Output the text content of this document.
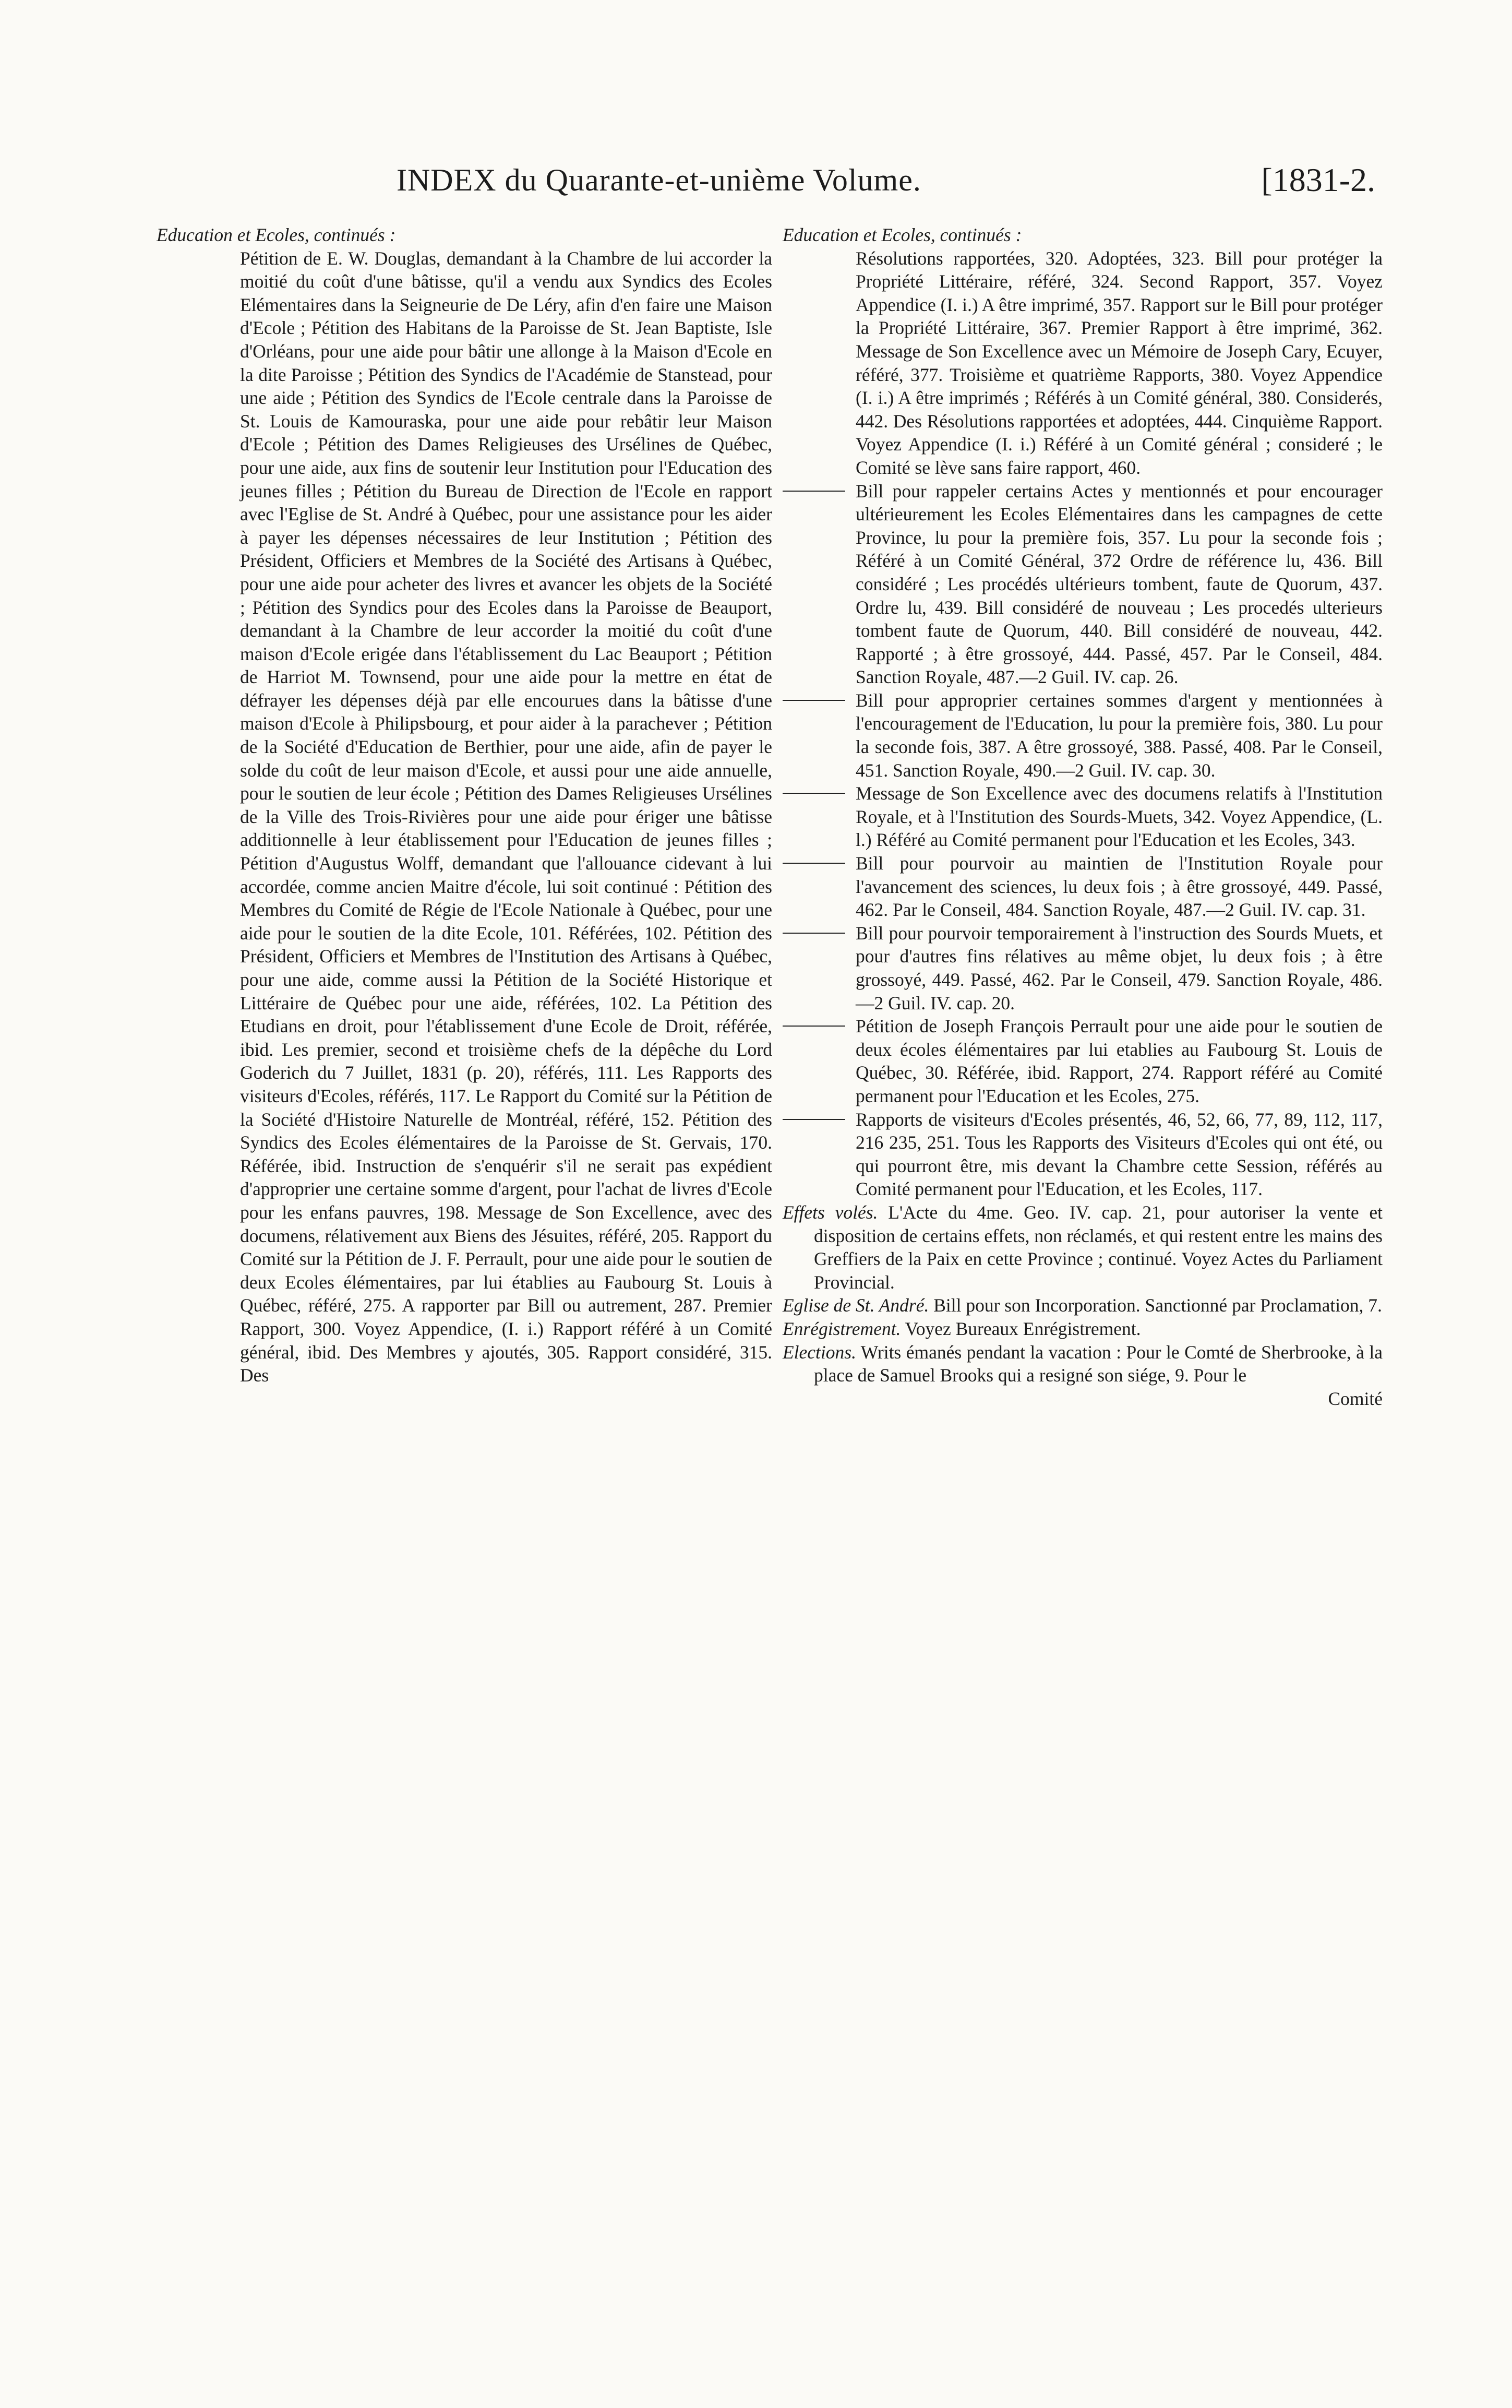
INDEX du Quarante-et-unième Volume.	[1831-2.

Education et Ecoles, continués :

Pétition de E. W. Douglas, demandant à la Chambre de lui accorder la moitié du coût d'une bâtisse, qu'il a vendu aux Syndics des Ecoles Elémentaires dans la Seigneurie de De Léry, afin d'en faire une Maison d'Ecole ; Pétition des Habitans de la Paroisse de St. Jean Baptiste, Isle d'Orléans, pour une aide pour bâtir une allonge à la Maison d'Ecole en la dite Paroisse ; Pétition des Syndics de l'Académie de Stanstead, pour une aide ; Pétition des Syndics de l'Ecole centrale dans la Paroisse de St. Louis de Kamouraska, pour une aide pour rebâtir leur Maison d'Ecole ; Pétition des Dames Religieuses des Ursélines de Québec, pour une aide, aux fins de soutenir leur Institution pour l'Education des jeunes filles ; Pétition du Bureau de Direction de l'Ecole en rapport avec l'Eglise de St. André à Québec, pour une assistance pour les aider à payer les dépenses nécessaires de leur Institution ; Pétition des Président, Officiers et Membres de la Société des Artisans à Québec, pour une aide pour acheter des livres et avancer les objets de la Société ; Pétition des Syndics pour des Ecoles dans la Paroisse de Beauport, demandant à la Chambre de leur accorder la moitié du coût d'une maison d'Ecole erigée dans l'établissement du Lac Beauport ; Pétition de Harriot M. Townsend, pour une aide pour la mettre en état de défrayer les dépenses déjà par elle encourues dans la bâtisse d'une maison d'Ecole à Philipsbourg, et pour aider à la parachever ; Pétition de la Société d'Education de Berthier, pour une aide, afin de payer le solde du coût de leur maison d'Ecole, et aussi pour une aide annuelle, pour le soutien de leur école ; Pétition des Dames Religieuses Ursélines de la Ville des Trois-Rivières pour une aide pour ériger une bâtisse additionnelle à leur établissement pour l'Education de jeunes filles ; Pétition d'Augustus Wolff, demandant que l'allouance cidevant à lui accordée, comme ancien Maitre d'école, lui soit continué : Pétition des Membres du Comité de Régie de l'Ecole Nationale à Québec, pour une aide pour le soutien de la dite Ecole, 101. Référées, 102. Pétition des Président, Officiers et Membres de l'Institution des Artisans à Québec, pour une aide, comme aussi la Pétition de la Société Historique et Littéraire de Québec pour une aide, référées, 102. La Pétition des Etudians en droit, pour l'établissement d'une Ecole de Droit, référée, ibid. Les premier, second et troisième chefs de la dépêche du Lord Goderich du 7 Juillet, 1831 (p. 20), référés, 111. Les Rapports des visiteurs d'Ecoles, référés, 117. Le Rapport du Comité sur la Pétition de la Société d'Histoire Naturelle de Montréal, référé, 152. Pétition des Syndics des Ecoles élémentaires de la Paroisse de St. Gervais, 170. Référée, ibid. Instruction de s'enquérir s'il ne serait pas expédient d'approprier une certaine somme d'argent, pour l'achat de livres d'Ecole pour les enfans pauvres, 198. Message de Son Excellence, avec des documens, rélativement aux Biens des Jésuites, référé, 205. Rapport du Comité sur la Pétition de J. F. Perrault, pour une aide pour le soutien de deux Ecoles élémentaires, par lui établies au Faubourg St. Louis à Québec, référé, 275. A rapporter par Bill ou autrement, 287. Premier Rapport, 300. Voyez Appendice, (I. i.) Rapport référé à un Comité général, ibid. Des Membres y ajoutés, 305. Rapport considéré, 315. Des

Education et Ecoles, continués :

Résolutions rapportées, 320. Adoptées, 323. Bill pour protéger la Propriété Littéraire, référé, 324. Second Rapport, 357. Voyez Appendice (I. i.) A être imprimé, 357. Rapport sur le Bill pour protéger la Propriété Littéraire, 367. Premier Rapport à être imprimé, 362. Message de Son Excellence avec un Mémoire de Joseph Cary, Ecuyer, référé, 377. Troisième et quatrième Rapports, 380. Voyez Appendice (I. i.) A être imprimés ; Référés à un Comité général, 380. Considerés, 442. Des Résolutions rapportées et adoptées, 444. Cinquième Rapport. Voyez Appendice (I. i.) Référé à un Comité général ; consideré ; le Comité se lève sans faire rapport, 460.

Bill pour rappeler certains Actes y mentionnés et pour encourager ultérieurement les Ecoles Elémentaires dans les campagnes de cette Province, lu pour la première fois, 357. Lu pour la seconde fois ; Référé à un Comité Général, 372 Ordre de référence lu, 436. Bill considéré ; Les procédés ultérieurs tombent, faute de Quorum, 437. Ordre lu, 439. Bill considéré de nouveau ; Les procedés ulterieurs tombent faute de Quorum, 440. Bill considéré de nouveau, 442. Rapporté ; à être grossoyé, 444. Passé, 457. Par le Conseil, 484. Sanction Royale, 487.—2 Guil. IV. cap. 26.

Bill pour approprier certaines sommes d'argent y mentionnées à l'encouragement de l'Education, lu pour la première fois, 380. Lu pour la seconde fois, 387. A être grossoyé, 388. Passé, 408. Par le Conseil, 451. Sanction Royale, 490.—2 Guil. IV. cap. 30.

Message de Son Excellence avec des documens relatifs à l'Institution Royale, et à l'Institution des Sourds-Muets, 342. Voyez Appendice, (L. l.) Référé au Comité permanent pour l'Education et les Ecoles, 343.

Bill pour pourvoir au maintien de l'Institution Royale pour l'avancement des sciences, lu deux fois ; à être grossoyé, 449. Passé, 462. Par le Conseil, 484. Sanction Royale, 487.—2 Guil. IV. cap. 31.

Bill pour pourvoir temporairement à l'instruction des Sourds Muets, et pour d'autres fins rélatives au même objet, lu deux fois ; à être grossoyé, 449. Passé, 462. Par le Conseil, 479. Sanction Royale, 486.—2 Guil. IV. cap. 20.

Pétition de Joseph François Perrault pour une aide pour le soutien de deux écoles élémentaires par lui etablies au Faubourg St. Louis de Québec, 30. Référée, ibid. Rapport, 274. Rapport référé au Comité permanent pour l'Education et les Ecoles, 275.

Rapports de visiteurs d'Ecoles présentés, 46, 52, 66, 77, 89, 112, 117, 216 235, 251. Tous les Rapports des Visiteurs d'Ecoles qui ont été, ou qui pourront être, mis devant la Chambre cette Session, référés au Comité permanent pour l'Education, et les Ecoles, 117.

Effets volés. L'Acte du 4me. Geo. IV. cap. 21, pour autoriser la vente et disposition de certains effets, non réclamés, et qui restent entre les mains des Greffiers de la Paix en cette Province ; continué. Voyez Actes du Parliament Provincial.

Eglise de St. André. Bill pour son Incorporation. Sanctionné par Proclamation, 7.

Enrégistrement. Voyez Bureaux Enrégistrement.

Elections. Writs émanés pendant la vacation : Pour le Comté de Sherbrooke, à la place de Samuel Brooks qui a resigné son siége, 9. Pour le

Comité
